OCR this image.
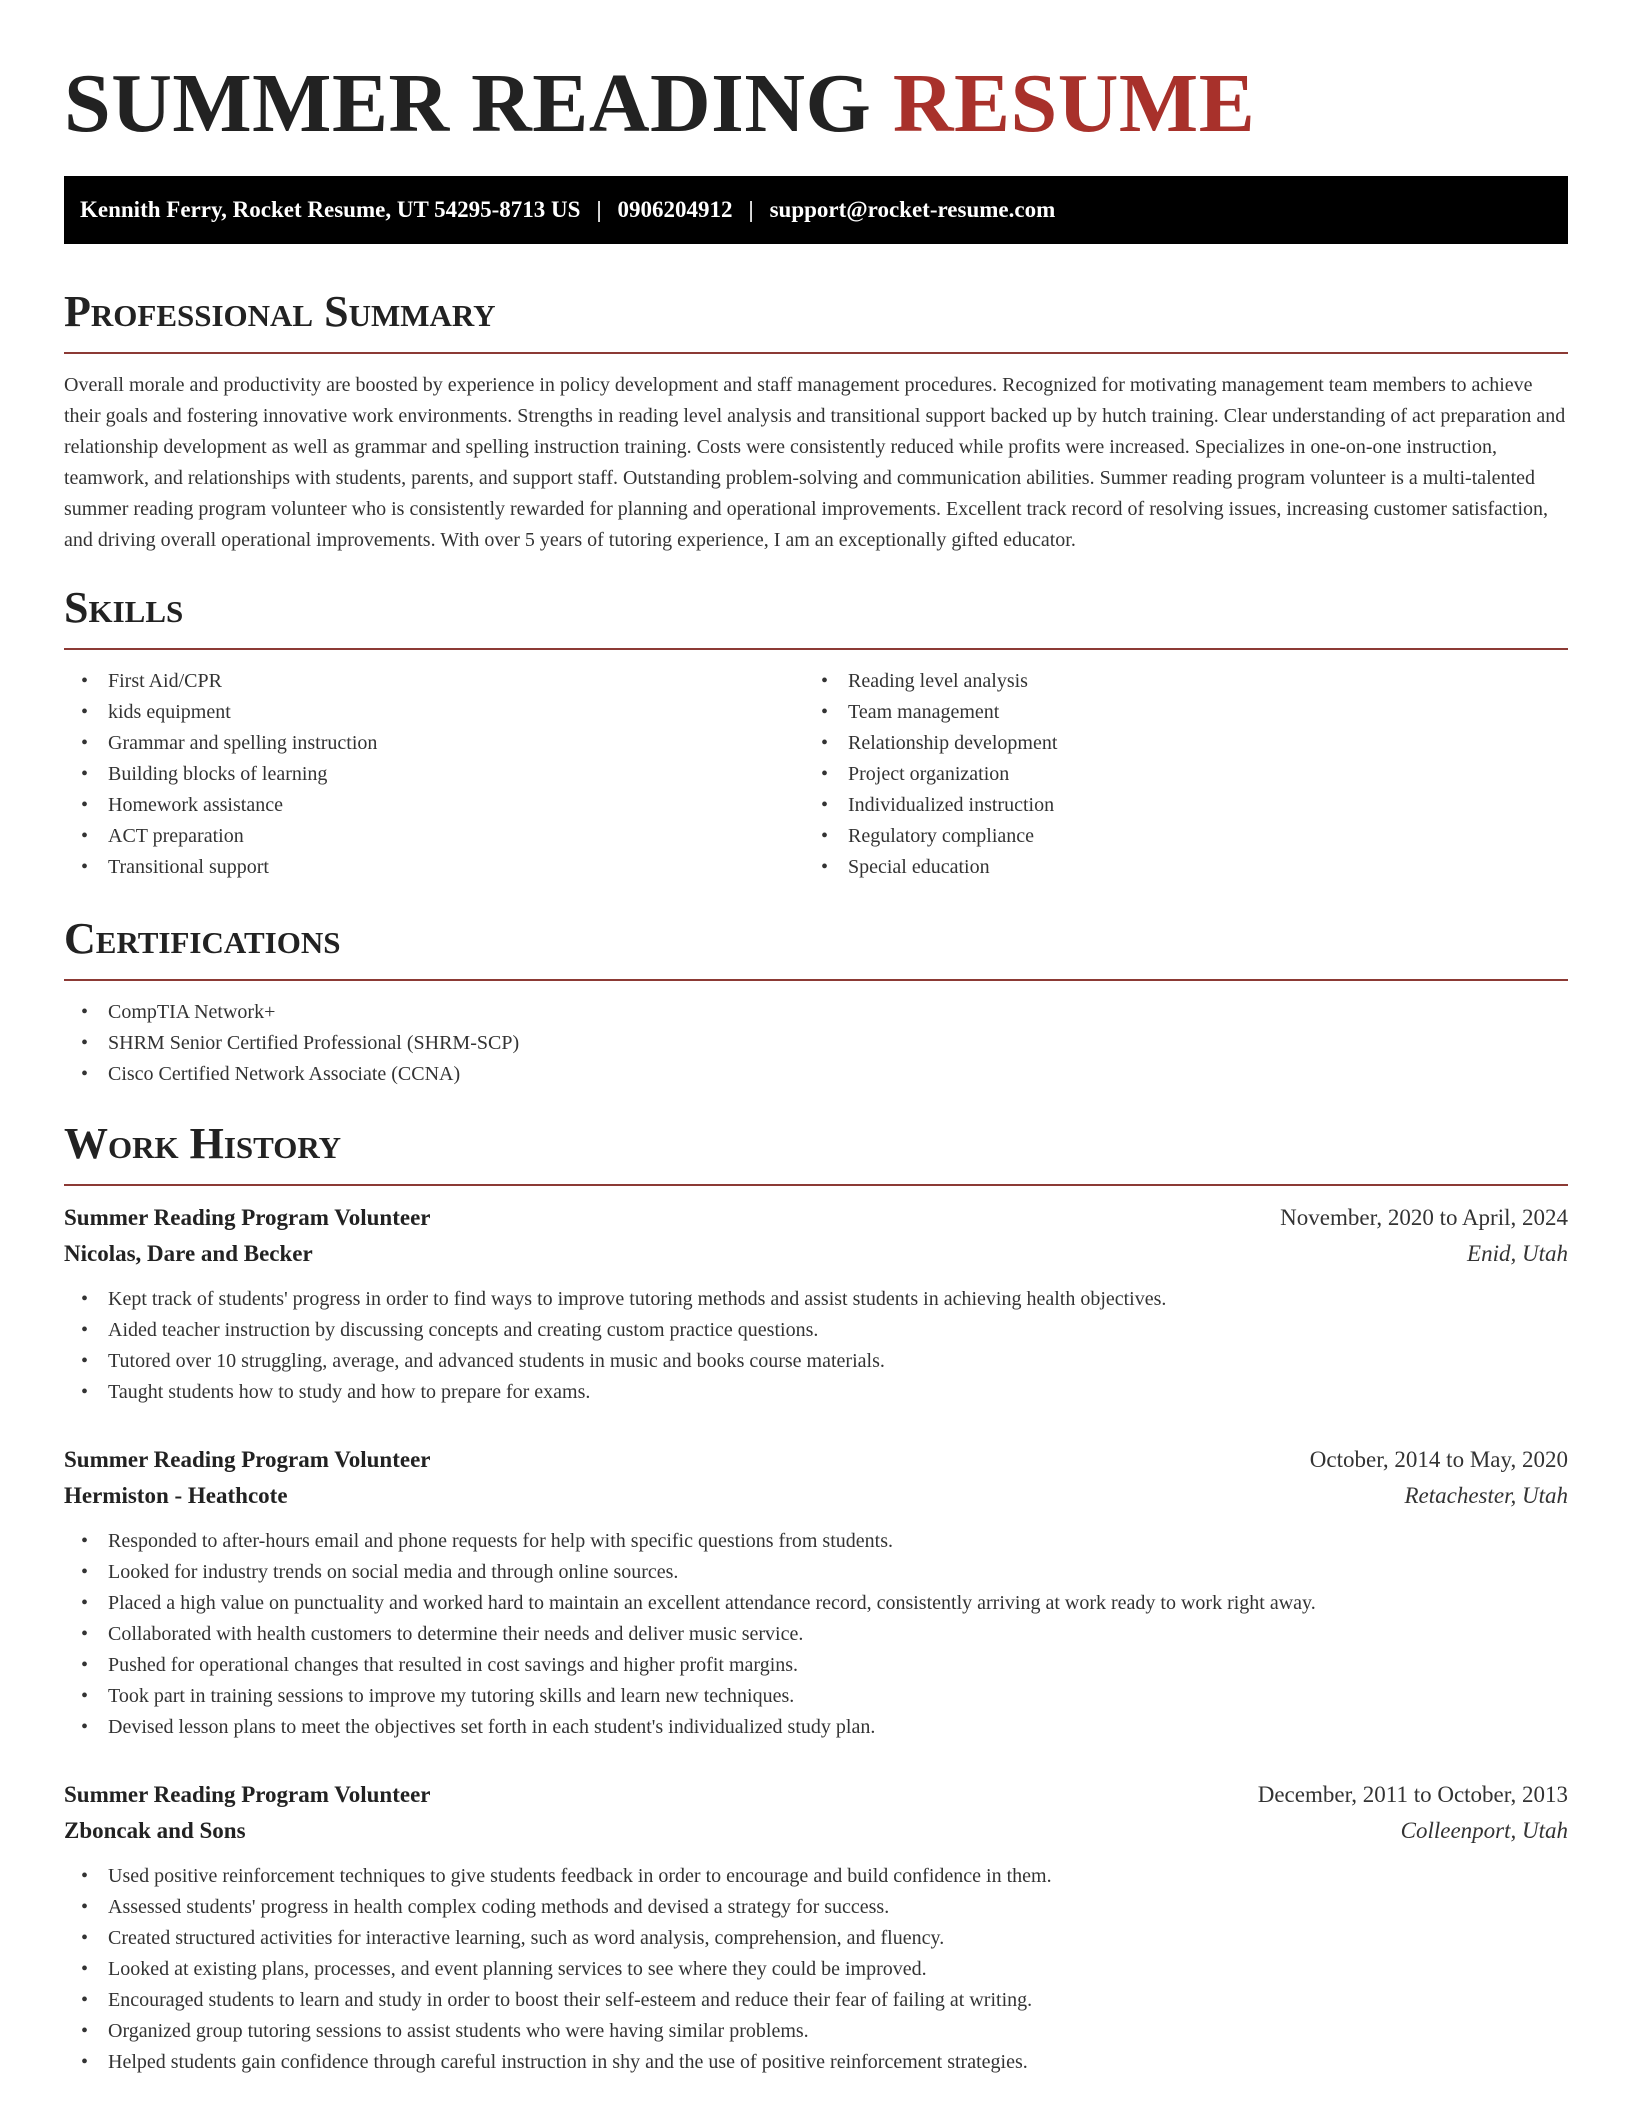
SUMMER READING RESUME
Kennith Ferry, Rocket Resume, UT 54295-8713 US | 0906204912 | support@rocket-resume.com
Professional Summary

Overall morale and productivity are boosted by experience in policy development and staff management procedures. Recognized for motivating management team members to achieve their goals and fostering innovative work environments. Strengths in reading level analysis and transitional support backed up by hutch training. Clear understanding of act preparation and relationship development as well as grammar and spelling instruction training. Costs were consistently reduced while profits were increased. Specializes in one-on-one instruction, teamwork, and relationships with students, parents, and support staff. Outstanding problem-solving and communication abilities. Summer reading program volunteer is a multi-talented summer reading program volunteer who is consistently rewarded for planning and operational improvements. Excellent track record of resolving issues, increasing customer satisfaction, and driving overall operational improvements. With over 5 years of tutoring experience, I am an exceptionally gifted educator.

Skills
• First Aid/CPR
• kids equipment
• Grammar and spelling instruction
• Building blocks of learning
• Homework assistance
• ACT preparation
• Transitional support
• Reading level analysis
• Team management
• Relationship development
• Project organization
• Individualized instruction
• Regulatory compliance
• Special education
Certifications
• CompTIA Network+
• SHRM Senior Certified Professional (SHRM-SCP)
• Cisco Certified Network Associate (CCNA)
Work History
Summer Reading Program Volunteer	November, 2020 to April, 2024
Nicolas, Dare and Becker	Enid, Utah
• Kept track of students' progress in order to find ways to improve tutoring methods and assist students in achieving health objectives.
• Aided teacher instruction by discussing concepts and creating custom practice questions.
• Tutored over 10 struggling, average, and advanced students in music and books course materials.
• Taught students how to study and how to prepare for exams.
Summer Reading Program Volunteer	October, 2014 to May, 2020
Hermiston - Heathcote	Retachester, Utah
• Responded to after-hours email and phone requests for help with specific questions from students.
• Looked for industry trends on social media and through online sources.
• Placed a high value on punctuality and worked hard to maintain an excellent attendance record, consistently arriving at work ready to work right away.
• Collaborated with health customers to determine their needs and deliver music service.
• Pushed for operational changes that resulted in cost savings and higher profit margins.
• Took part in training sessions to improve my tutoring skills and learn new techniques.
• Devised lesson plans to meet the objectives set forth in each student's individualized study plan.
Summer Reading Program Volunteer	December, 2011 to October, 2013
Zboncak and Sons	Colleenport, Utah
• Used positive reinforcement techniques to give students feedback in order to encourage and build confidence in them.
• Assessed students' progress in health complex coding methods and devised a strategy for success.
• Created structured activities for interactive learning, such as word analysis, comprehension, and fluency.
• Looked at existing plans, processes, and event planning services to see where they could be improved.
• Encouraged students to learn and study in order to boost their self-esteem and reduce their fear of failing at writing.
• Organized group tutoring sessions to assist students who were having similar problems.
• Helped students gain confidence through careful instruction in shy and the use of positive reinforcement strategies.
